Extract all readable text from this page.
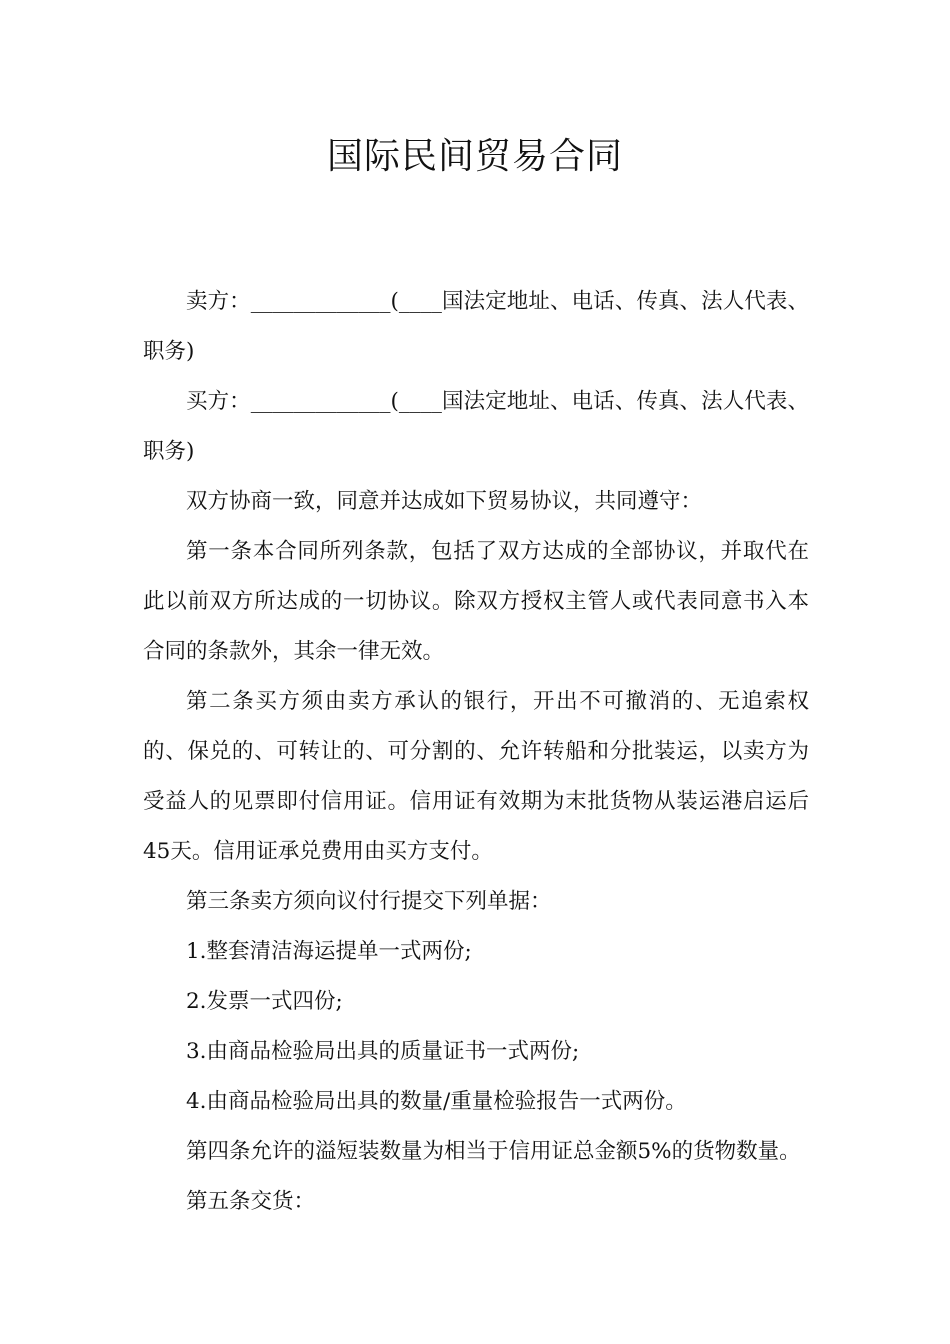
国际民间贸易合同

卖方：_____________(____国法定地址、电话、传真、法人代表、职务)

买方：_____________(____国法定地址、电话、传真、法人代表、职务)

双方协商一致，同意并达成如下贸易协议，共同遵守：

第一条本合同所列条款，包括了双方达成的全部协议，并取代在此以前双方所达成的一切协议。除双方授权主管人或代表同意书入本合同的条款外，其余一律无效。

第二条买方须由卖方承认的银行，开出不可撤消的、无追索权的、保兑的、可转让的、可分割的、允许转船和分批装运，以卖方为受益人的见票即付信用证。信用证有效期为末批货物从装运港启运后45天。信用证承兑费用由买方支付。

第三条卖方须向议付行提交下列单据：

1.整套清洁海运提单一式两份;

2.发票一式四份;

3.由商品检验局出具的质量证书一式两份;

4.由商品检验局出具的数量/重量检验报告一式两份。

第四条允许的溢短装数量为相当于信用证总金额5%的货物数量。

第五条交货：
